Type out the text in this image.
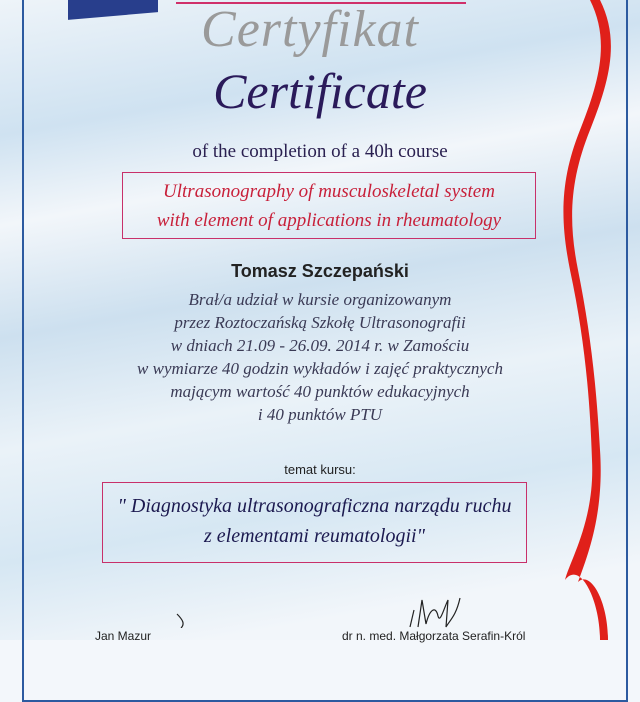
Certyfikat
Certificate
of the completion of a 40h course
Ultrasonography of musculoskeletal system
with element of applications in rheumatology
Tomasz Szczepański
Brał/a udział w kursie organizowanym
przez Roztoczańską Szkołę Ultrasonografii
w dniach 21.09 - 26.09. 2014 r. w Zamościu
w wymiarze 40 godzin wykładów i zajęć praktycznych
mającym wartość 40 punktów edukacyjnych
i 40 punktów PTU
temat kursu:
" Diagnostyka ultrasonograficzna narządu ruchu
z elementami reumatologii"
Jan Mazur	dr n. med. Małgorzata Serafin-Król
